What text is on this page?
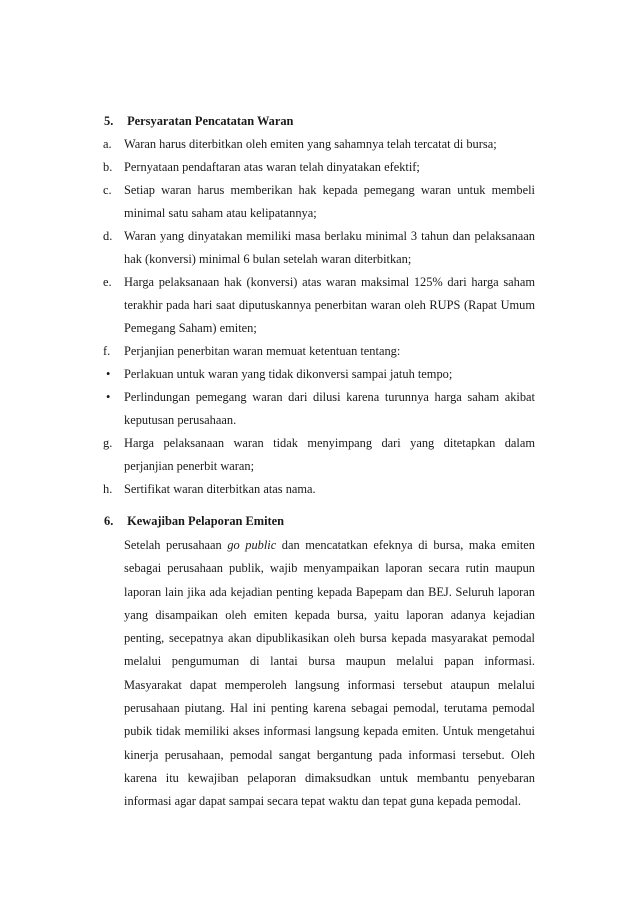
5. Persyaratan Pencatatan Waran
a. Waran harus diterbitkan oleh emiten yang sahamnya telah tercatat di bursa;
b. Pernyataan pendaftaran atas waran telah dinyatakan efektif;
c. Setiap waran harus memberikan hak kepada pemegang waran untuk membeli
minimal satu saham atau kelipatannya;
d. Waran yang dinyatakan memiliki masa berlaku minimal 3 tahun dan pelaksanaan
hak (konversi) minimal 6 bulan setelah waran diterbitkan;
e. Harga pelaksanaan hak (konversi) atas waran maksimal 125% dari harga saham
terakhir pada hari saat diputuskannya penerbitan waran oleh RUPS (Rapat Umum
Pemegang Saham) emiten;
f.	Perjanjian penerbitan waran memuat ketentuan tentang:
•	Perlakuan untuk waran yang tidak dikonversi sampai jatuh tempo;
•	Perlindungan pemegang waran dari dilusi karena turunnya harga saham akibat
keputusan perusahaan.
g. Harga pelaksanaan waran tidak menyimpang dari yang ditetapkan dalam
perjanjian penerbit waran;
h. Sertifikat waran diterbitkan atas nama.
6. Kewajiban Pelaporan Emiten
Setelah perusahaan go public dan mencatatkan efeknya di bursa, maka emiten
sebagai perusahaan publik, wajib menyampaikan laporan secara rutin maupun
laporan lain jika ada kejadian penting kepada Bapepam dan BEJ. Seluruh laporan
yang disampaikan oleh emiten kepada bursa, yaitu laporan adanya kejadian
penting, secepatnya akan dipublikasikan oleh bursa kepada masyarakat pemodal
melalui pengumuman di lantai bursa maupun melalui papan informasi.
Masyarakat dapat memperoleh langsung informasi tersebut ataupun melalui
perusahaan piutang. Hal ini penting karena sebagai pemodal, terutama pemodal
pubik tidak memiliki akses informasi langsung kepada emiten. Untuk mengetahui
kinerja perusahaan, pemodal sangat bergantung pada informasi tersebut. Oleh
karena itu kewajiban pelaporan dimaksudkan untuk membantu penyebaran
informasi agar dapat sampai secara tepat waktu dan tepat guna kepada pemodal.
